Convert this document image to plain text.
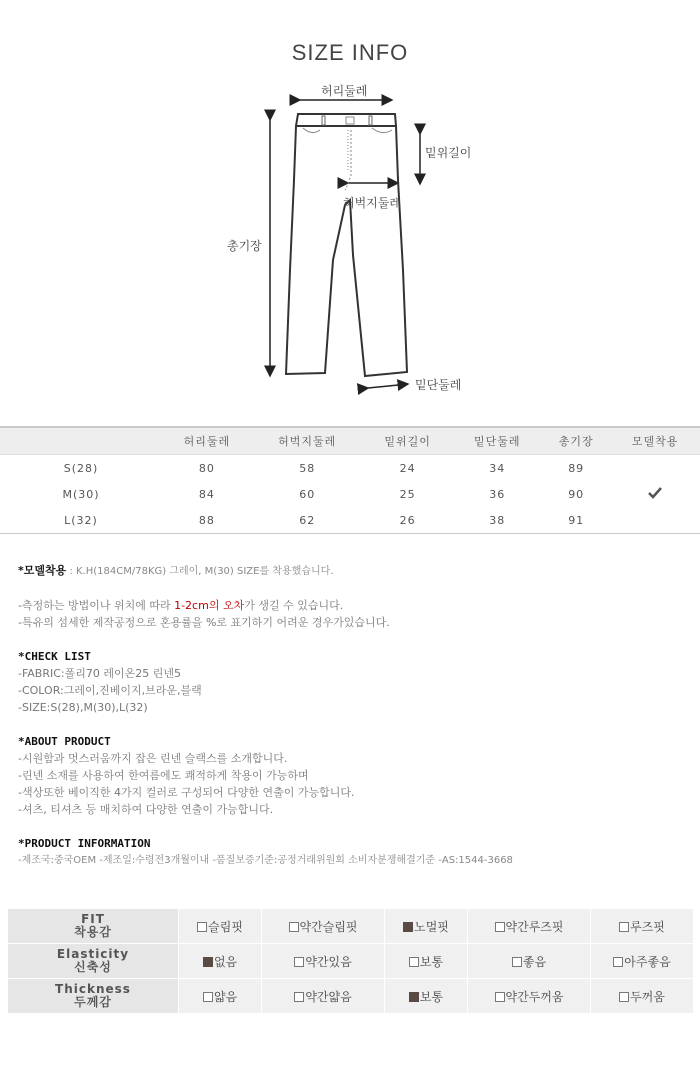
SIZE INFO
허리둘레
밑위길이
허벅지둘레
총기장
밑단둘레
	허리둘레	허벅지둘레	밑위길이	밑단둘레	총기장	모델착용
S(28)	80	58	24	34	89	
M(30)	84	60	25	36	90	
L(32)	88	62	26	38	91	

*모델착용 : K.H(184CM/78KG) 그레이, M(30) SIZE를 착용했습니다.

-측정하는 방법이나 위치에 따라 1-2cm의 오차가 생길 수 있습니다.

-특유의 섬세한 제작공정으로 혼용률을 %로 표기하기 어려운 경우가있습니다.

*CHECK LIST

-FABRIC:폴리70 레이온25 린넨5

-COLOR:그레이,진베이지,브라운,블랙

-SIZE:S(28),M(30),L(32)

*ABOUT PRODUCT

-시원함과 멋스러움까지 잡은 린넨 슬랙스를 소개합니다.

-린넨 소재를 사용하여 한여름에도 쾌적하게 착용이 가능하며

-색상또한 베이직한 4가지 컬러로 구성되어 다양한 연출이 가능합니다.

-셔츠, 티셔츠 등 매치하여 다양한 연출이 가능합니다.

*PRODUCT INFORMATION

-제조국:중국OEM -제조일:수령전3개월이내 -품질보증기준:공정거래위원회 소비자분쟁해결기준 -AS:1544-3668

FIT
착용감	슬림핏	약간슬림핏	노멀핏	약간루즈핏	루즈핏
Elasticity
신축성	없음	약간있음	보통	좋음	아주좋음
Thickness
두께감	얇음	약간얇음	보통	약간두꺼움	두꺼움
